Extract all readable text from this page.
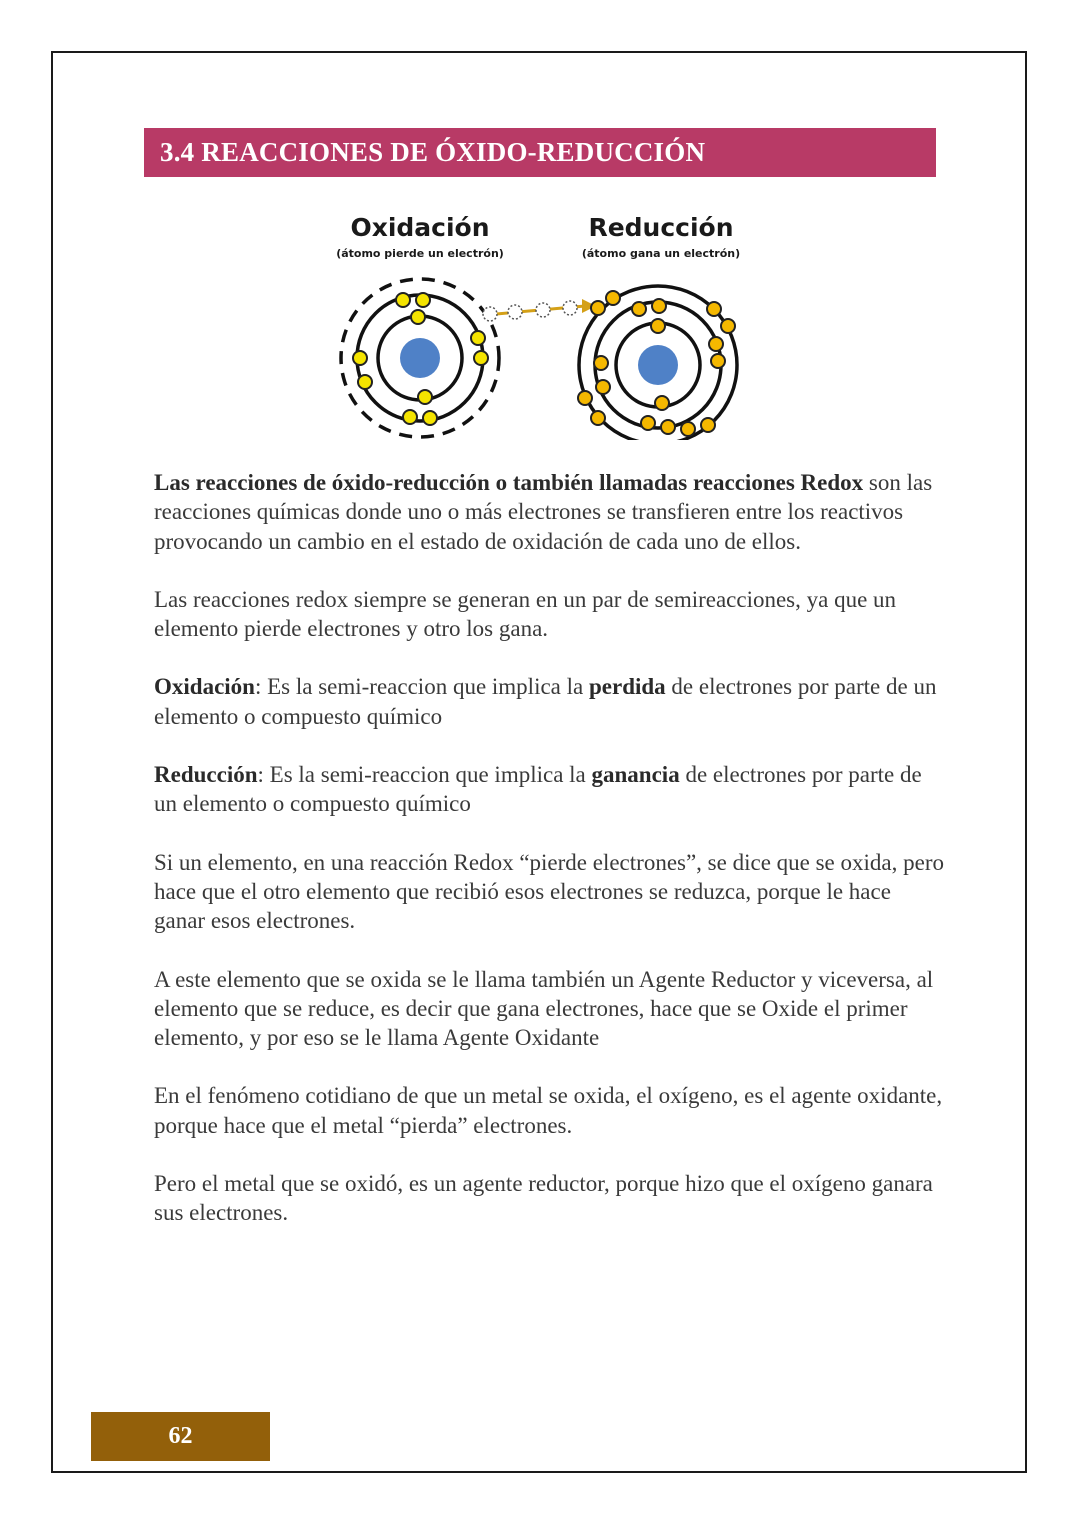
3.4 REACCIONES DE ÓXIDO-REDUCCIÓN
Oxidación
(átomo pierde un electrón)
Reducción
(átomo gana un electrón)

Las reacciones de óxido-reducción o también llamadas reacciones Redox son las reacciones químicas donde uno o más electrones se transfieren entre los reactivos provocando un cambio en el estado de oxidación de cada uno de ellos.

Las reacciones redox siempre se generan en un par de semireacciones, ya que un elemento pierde electrones y otro los gana.

Oxidación: Es la semi-reaccion que implica la perdida de electrones por parte de un elemento o compuesto químico

Reducción: Es la semi-reaccion que implica la ganancia de electrones por parte de un elemento o compuesto químico

Si un elemento, en una reacción Redox “pierde electrones”, se dice que se oxida, pero hace que el otro elemento que recibió esos electrones se reduzca, porque le hace ganar esos electrones.

A este elemento que se oxida se le llama también un Agente Reductor y viceversa, al elemento que se reduce, es decir que gana electrones, hace que se Oxide el primer elemento, y por eso se le llama Agente Oxidante

En el fenómeno cotidiano de que un metal se oxida, el oxígeno, es el agente oxidante, porque hace que el metal “pierda” electrones.

Pero el metal que se oxidó, es un agente reductor, porque hizo que el oxígeno ganara sus electrones.

62
